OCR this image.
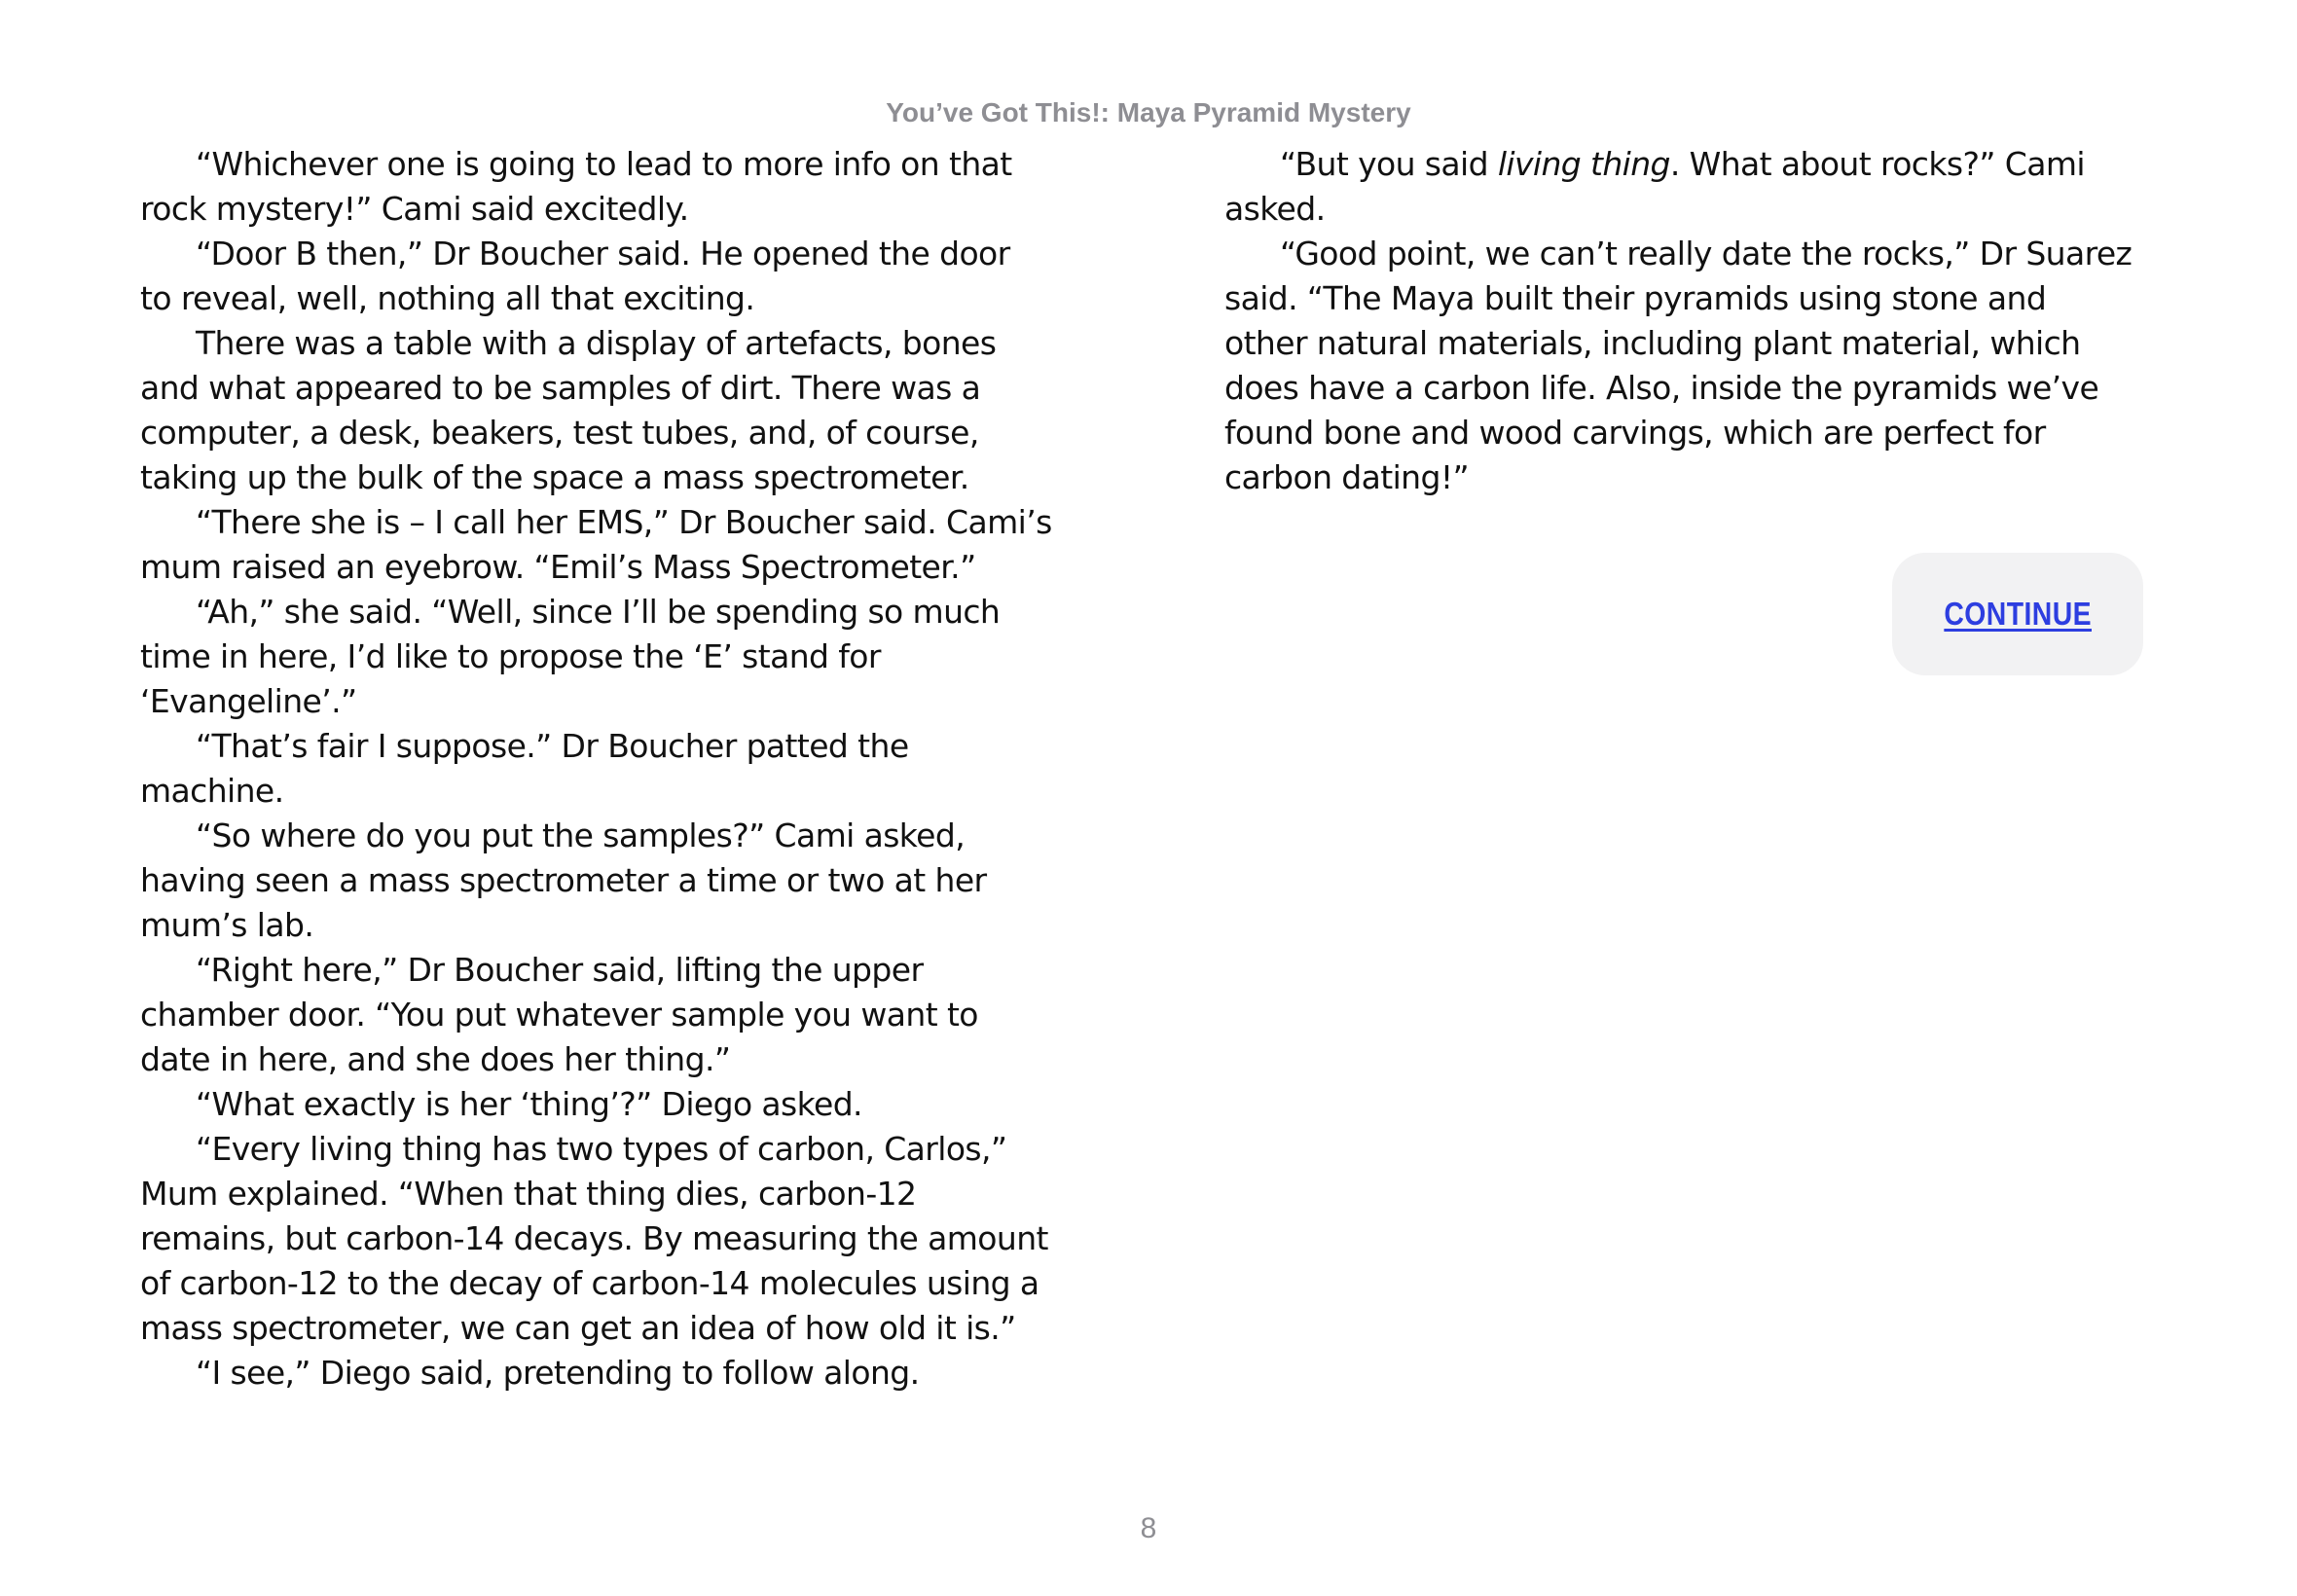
You’ve Got This!: Maya Pyramid Mystery

“Whichever one is going to lead to more info on that
rock mystery!” Cami said excitedly.

“Door B then,” Dr Boucher said. He opened the door
to reveal, well, nothing all that exciting.

There was a table with a display of artefacts, bones
and what appeared to be samples of dirt. There was a
computer, a desk, beakers, test tubes, and, of course,
taking up the bulk of the space a mass spectrometer.

“There she is – I call her EMS,” Dr Boucher said. Cami’s
mum raised an eyebrow. “Emil’s Mass Spectrometer.”

“Ah,” she said. “Well, since I’ll be spending so much
time in here, I’d like to propose the ‘E’ stand for
‘Evangeline’.”

“That’s fair I suppose.” Dr Boucher patted the
machine.

“So where do you put the samples?” Cami asked,
having seen a mass spectrometer a time or two at her
mum’s lab.

“Right here,” Dr Boucher said, lifting the upper
chamber door. “You put whatever sample you want to
date in here, and she does her thing.”

“What exactly is her ‘thing’?” Diego asked.

“Every living thing has two types of carbon, Carlos,”
Mum explained. “When that thing dies, carbon-12
remains, but carbon-14 decays. By measuring the amount
of carbon-12 to the decay of carbon-14 molecules using a
mass spectrometer, we can get an idea of how old it is.”

“I see,” Diego said, pretending to follow along.

“But you said living thing. What about rocks?” Cami
asked.

“Good point, we can’t really date the rocks,” Dr Suarez
said. “The Maya built their pyramids using stone and
other natural materials, including plant material, which
does have a carbon life. Also, inside the pyramids we’ve
found bone and wood carvings, which are perfect for
carbon dating!”

CONTINUE
8
